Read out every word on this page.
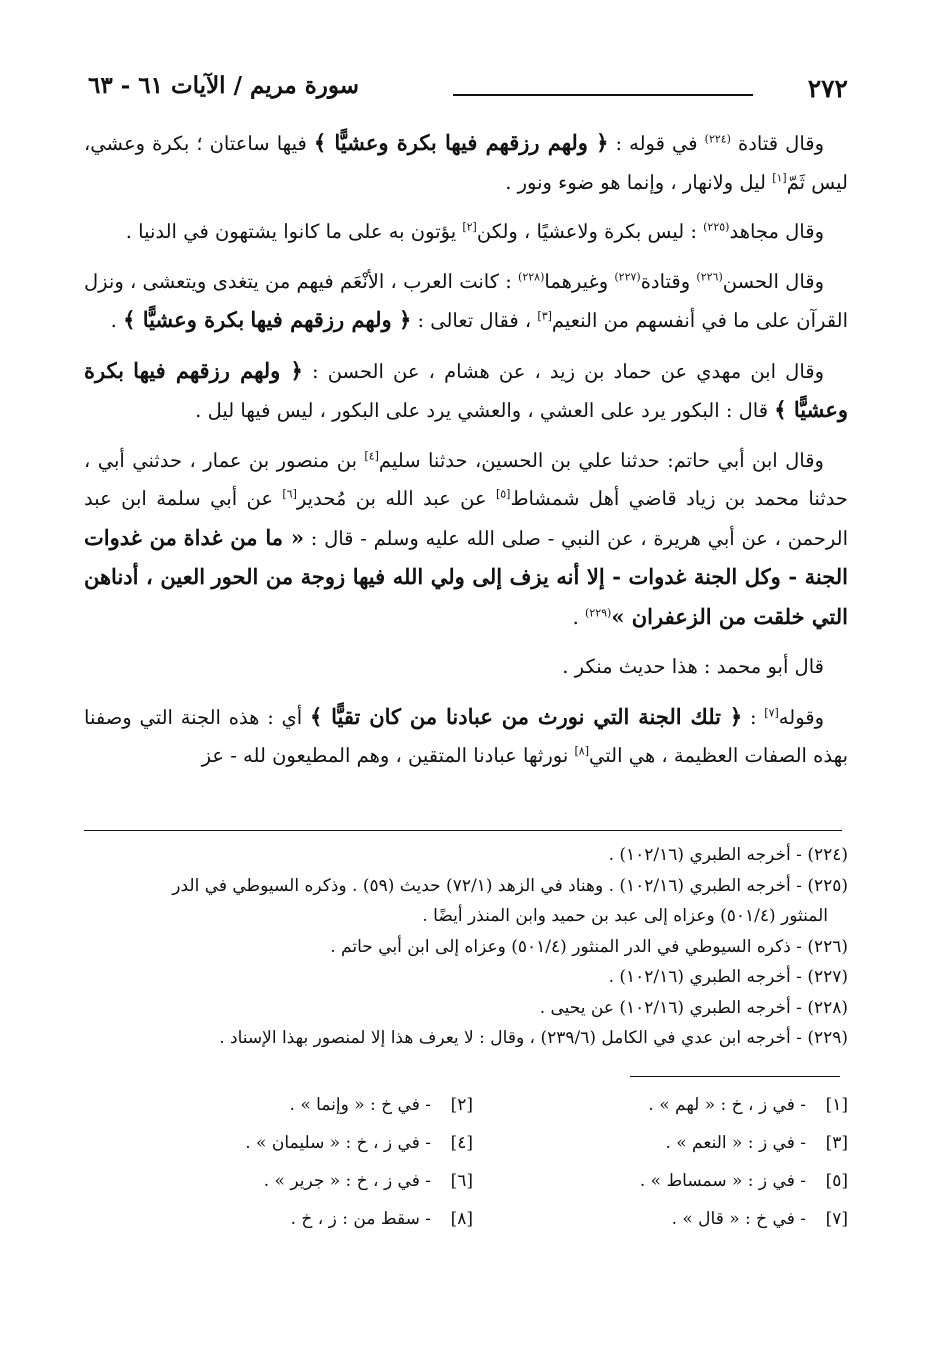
٢٧٢
سورة مريم / الآيات ٦١ - ٦٣
وقال قتادة $^{(٢٢٤)}$ في قوله : ﴿ ولهم رزقهم فيها بكرة وعشيًّا ﴾ فيها ساعتان ؛ بكرة وعشي، ليس ثَمّ[١] ليل ولانهار ، وإنما هو ضوء ونور .
وقال مجاهد$^{(٢٢٥)}$ : ليس بكرة ولاعشيًا ، ولكن[٢] يؤتون به على ما كانوا يشتهون في الدنيا .
وقال الحسن$^{(٢٢٦)}$ وقتادة$^{(٢٢٧)}$ وغيرهما$^{(٢٢٨)}$ : كانت العرب ، الأنْعَم فيهم من يتغدى ويتعشى ، ونزل القرآن على ما في أنفسهم من النعيم[٣] ، فقال تعالى : ﴿ ولهم رزقهم فيها بكرة وعشيًّا ﴾ .
وقال ابن مهدي عن حماد بن زيد ، عن هشام ، عن الحسن : ﴿ ولهم رزقهم فيها بكرة وعشيًّا ﴾ قال : البكور يرد على العشي ، والعشي يرد على البكور ، ليس فيها ليل .
وقال ابن أبي حاتم: حدثنا علي بن الحسين، حدثنا سليم[٤] بن منصور بن عمار ، حدثني أبي ، حدثنا محمد بن زياد قاضي أهل شمشاط[٥] عن عبد الله بن مُحدير[٦] عن أبي سلمة ابن عبد الرحمن ، عن أبي هريرة ، عن النبي - صلى الله عليه وسلم - قال : « ما من غداة من غدوات الجنة - وكل الجنة غدوات - إلا أنه يزف إلى ولي الله فيها زوجة من الحور العين ، أدناهن التي خلقت من الزعفران »$^{(٢٢٩)}$ .
قال أبو محمد : هذا حديث منكر .
وقوله[٧] : ﴿ تلك الجنة التي نورث من عبادنا من كان تقيًّا ﴾ أي : هذه الجنة التي وصفنا بهذه الصفات العظيمة ، هي التي[٨] نورثها عبادنا المتقين ، وهم المطيعون لله - عز

(٢٢٤) - أخرجه الطبري (١٠٢/١٦) .

(٢٢٥) - أخرجه الطبري (١٠٢/١٦) . وهناد في الزهد (٧٢/١) حديث (٥٩) . وذكره السيوطي في الدر

المنثور (٥٠١/٤) وعزاه إلى عبد بن حميد وابن المنذر أيضًا .

(٢٢٦) - ذكره السيوطي في الدر المنثور (٥٠١/٤) وعزاه إلى ابن أبي حاتم .

(٢٢٧) - أخرجه الطبري (١٠٢/١٦) .

(٢٢٨) - أخرجه الطبري (١٠٢/١٦) عن يحيى .

(٢٢٩) - أخرجه ابن عدي في الكامل (٢٣٩/٦) ، وقال : لا يعرف هذا إلا لمنصور بهذا الإسناد .

[١]- في ز ، خ : « لهم » .
[٣]- في ز : « النعم » .
[٥]- في ز : « سمساط » .
[٧]- في خ : « قال » .
[٢]- في خ : « وإنما » .
[٤]- في ز ، خ : « سليمان » .
[٦]- في ز ، خ : « جرير » .
[٨]- سقط من : ز ، خ .
